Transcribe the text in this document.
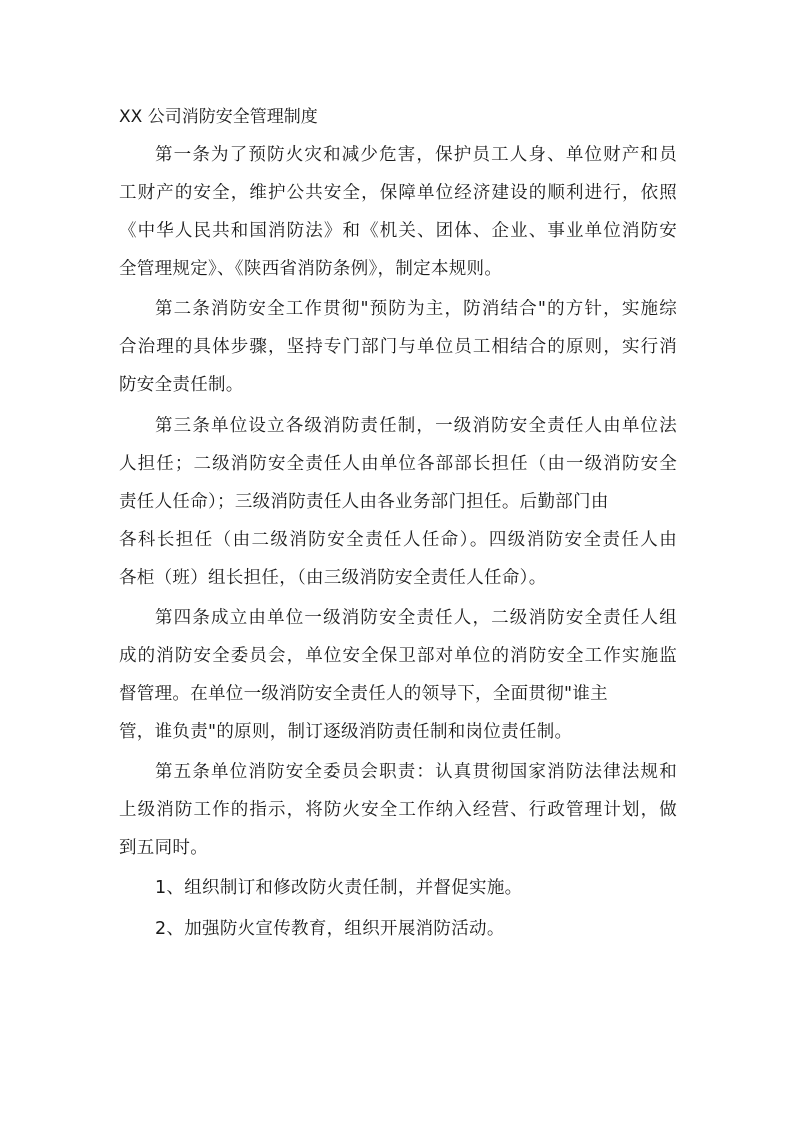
XX 公司消防安全管理制度
第一条为了预防火灾和减少危害，保护员工人身、单位财产和员
工财产的安全，维护公共安全，保障单位经济建设的顺利进行，依照
《中华人民共和国消防法》和《机关、团体、企业、事业单位消防安
全管理规定》、《陕西省消防条例》，制定本规则。
第二条消防安全工作贯彻"预防为主，防消结合"的方针，实施综
合治理的具体步骤，坚持专门部门与单位员工相结合的原则，实行消
防安全责任制。
第三条单位设立各级消防责任制，一级消防安全责任人由单位法
人担任；二级消防安全责任人由单位各部部长担任（由一级消防安全
责任人任命）；三级消防责任人由各业务部门担任。后勤部门由
各科长担任（由二级消防安全责任人任命）。四级消防安全责任人由
各柜（班）组长担任，（由三级消防安全责任人任命）。
第四条成立由单位一级消防安全责任人，二级消防安全责任人组
成的消防安全委员会，单位安全保卫部对单位的消防安全工作实施监
督管理。在单位一级消防安全责任人的领导下，全面贯彻"谁主
管，谁负责"的原则，制订逐级消防责任制和岗位责任制。
第五条单位消防安全委员会职责：认真贯彻国家消防法律法规和
上级消防工作的指示，将防火安全工作纳入经营、行政管理计划，做
到五同时。
1、组织制订和修改防火责任制，并督促实施。
2、加强防火宣传教育，组织开展消防活动。
